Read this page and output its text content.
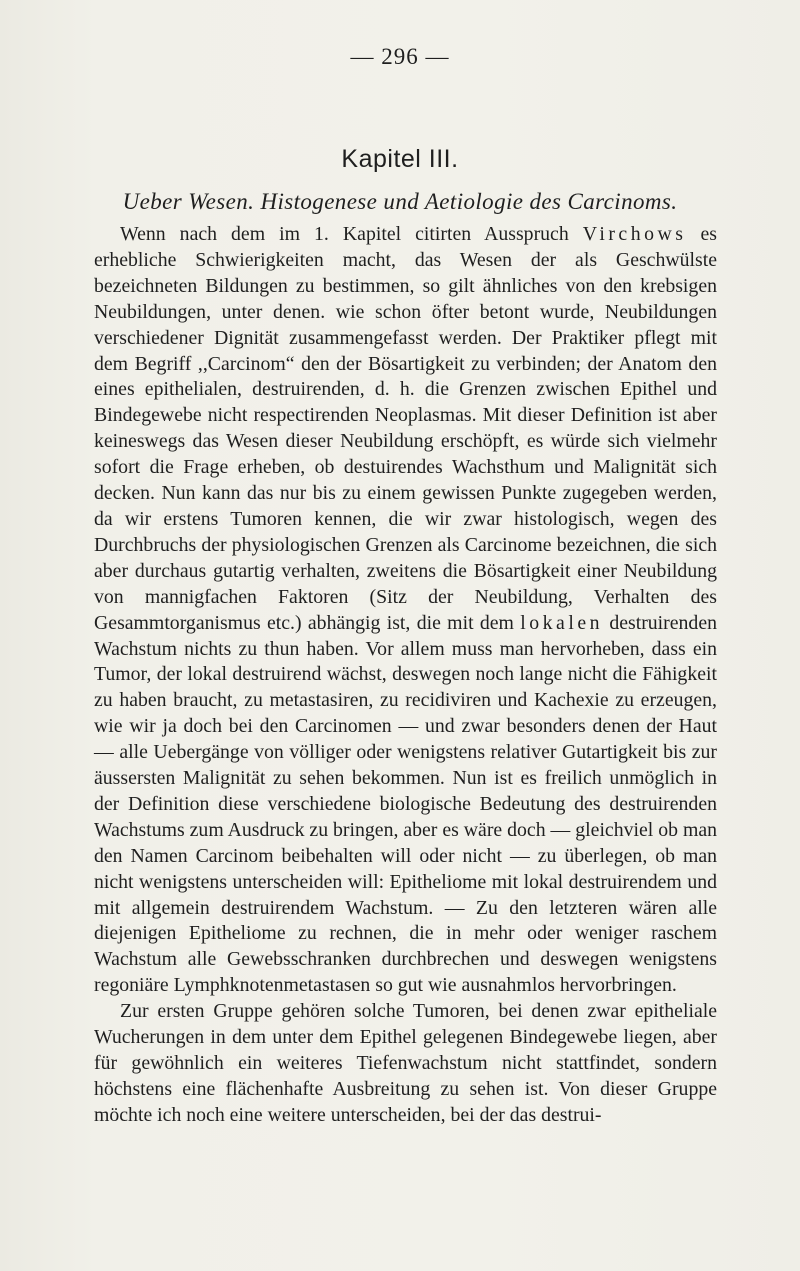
— 296 —
Kapitel III.
Ueber Wesen. Histogenese und Aetiologie des Carcinoms.

Wenn nach dem im 1. Kapitel citirten Ausspruch Virchows es erhebliche Schwierigkeiten macht, das Wesen der als Geschwülste bezeichneten Bildungen zu bestimmen, so gilt ähnliches von den krebsigen Neubildungen, unter denen. wie schon öfter betont wurde, Neubildungen verschiedener Dignität zusammengefasst werden. Der Praktiker pflegt mit dem Begriff ,,Carcinom“ den der Bösartigkeit zu verbinden; der Anatom den eines epithelialen, destruirenden, d. h. die Grenzen zwischen Epithel und Bindegewebe nicht respectirenden Neoplasmas. Mit dieser Definition ist aber keineswegs das Wesen dieser Neubildung erschöpft, es würde sich vielmehr sofort die Frage erheben, ob destuirendes Wachsthum und Malignität sich decken. Nun kann das nur bis zu einem gewissen Punkte zugegeben werden, da wir erstens Tumoren kennen, die wir zwar histologisch, wegen des Durchbruchs der physiologischen Grenzen als Carcinome bezeichnen, die sich aber durchaus gutartig verhalten, zweitens die Bösartigkeit einer Neubildung von mannigfachen Faktoren (Sitz der Neubildung, Verhalten des Gesammtorganismus etc.) abhängig ist, die mit dem lokalen destruirenden Wachstum nichts zu thun haben. Vor allem muss man hervorheben, dass ein Tumor, der lokal destruirend wächst, deswegen noch lange nicht die Fähigkeit zu haben braucht, zu metastasiren, zu recidiviren und Kachexie zu erzeugen, wie wir ja doch bei den Carcinomen — und zwar besonders denen der Haut — alle Uebergänge von völliger oder wenigstens relativer Gutartigkeit bis zur äussersten Malignität zu sehen bekommen. Nun ist es freilich unmöglich in der Definition diese verschiedene biologische Bedeutung des destruirenden Wachstums zum Ausdruck zu bringen, aber es wäre doch — gleichviel ob man den Namen Carcinom beibehalten will oder nicht — zu überlegen, ob man nicht wenigstens unterscheiden will: Epitheliome mit lokal destruirendem und mit allgemein destruirendem Wachstum. — Zu den letzteren wären alle diejenigen Epitheliome zu rechnen, die in mehr oder weniger raschem Wachstum alle Gewebsschranken durchbrechen und deswegen wenigstens regoniäre Lymphknotenmetastasen so gut wie ausnahmlos hervorbringen.

Zur ersten Gruppe gehören solche Tumoren, bei denen zwar epitheliale Wucherungen in dem unter dem Epithel gelegenen Bindegewebe liegen, aber für gewöhnlich ein weiteres Tiefenwachstum nicht stattfindet, sondern höchstens eine flächenhafte Ausbreitung zu sehen ist. Von dieser Gruppe möchte ich noch eine weitere unterscheiden, bei der das destrui-
